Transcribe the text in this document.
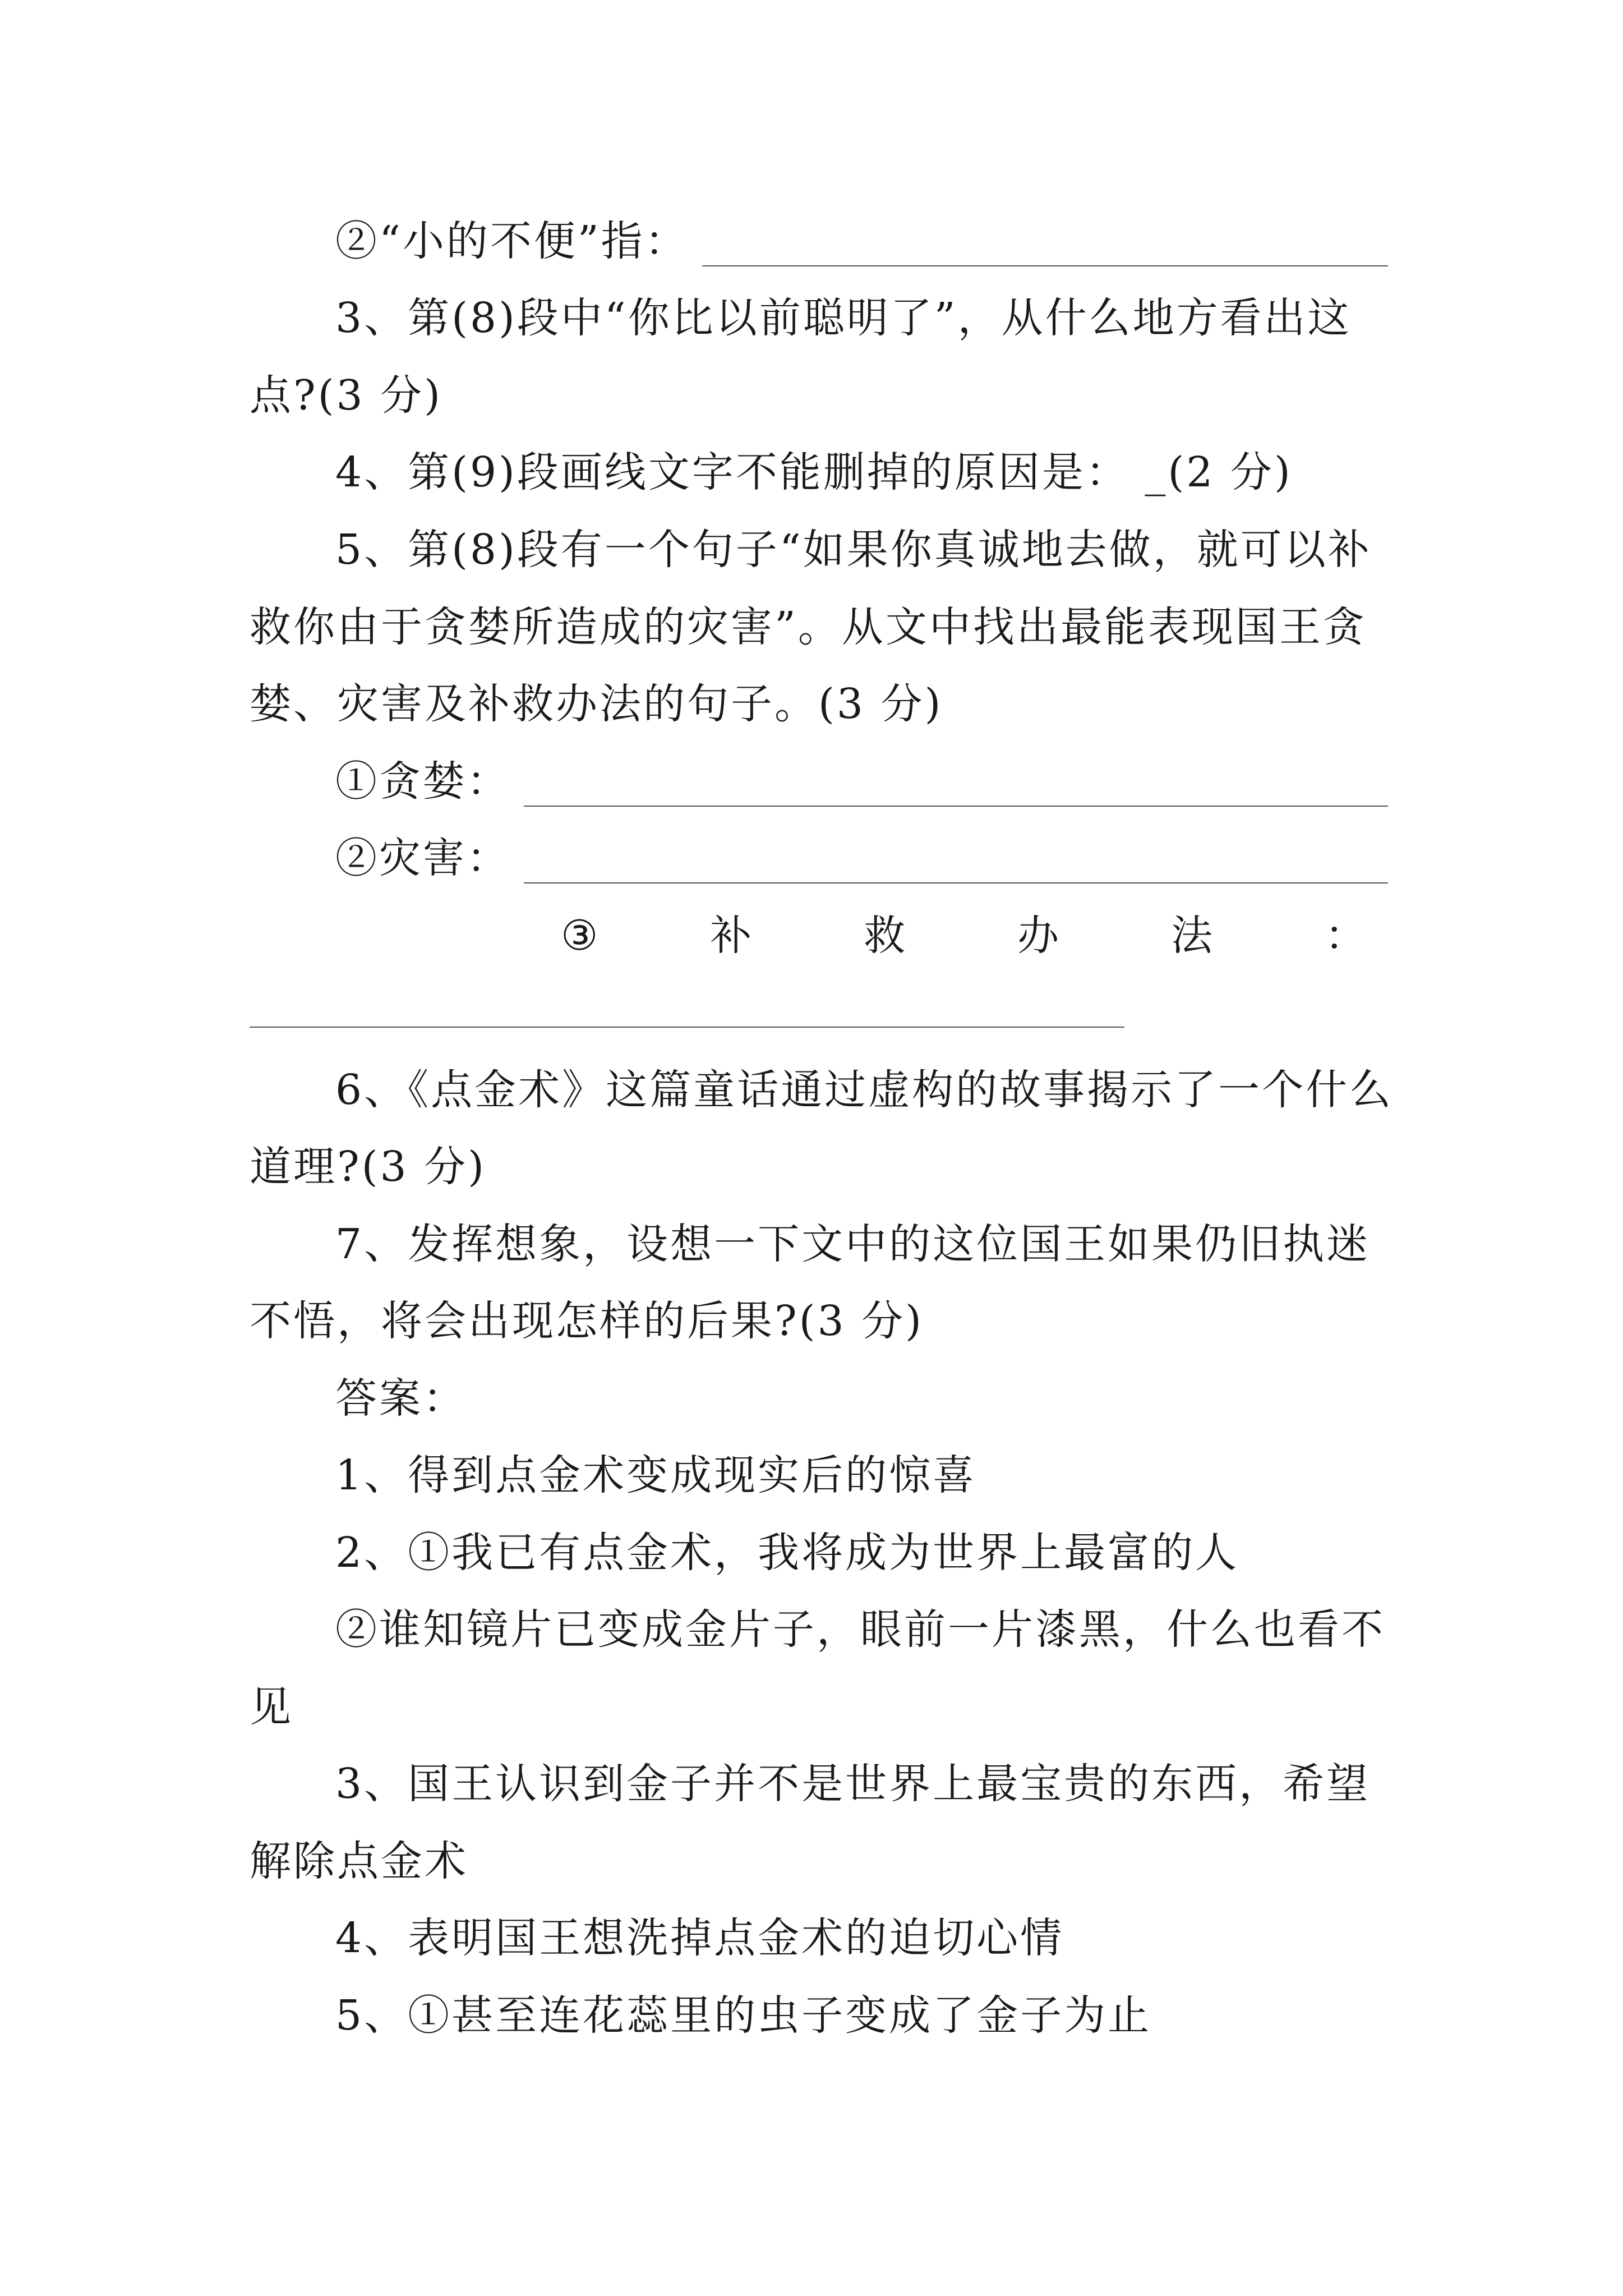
②“小的不便”指：
3、第(8)段中“你比以前聪明了”，从什么地方看出这
点?(3 分)
4、第(9)段画线文字不能删掉的原因是： _(2 分)
5、第(8)段有一个句子“如果你真诚地去做，就可以补
救你由于贪婪所造成的灾害”。从文中找出最能表现国王贪
婪、灾害及补救办法的句子。(3 分)
①贪婪：
②灾害：
③	补	救	办	法	：
6、《点金术》这篇童话通过虚构的故事揭示了一个什么
道理?(3 分)
7、发挥想象，设想一下文中的这位国王如果仍旧执迷
不悟，将会出现怎样的后果?(3 分)
答案：
1、得到点金术变成现实后的惊喜
2、①我已有点金术，我将成为世界上最富的人
②谁知镜片已变成金片子，眼前一片漆黑，什么也看不
见
3、国王认识到金子并不是世界上最宝贵的东西，希望
解除点金术
4、表明国王想洗掉点金术的迫切心情
5、①甚至连花蕊里的虫子变成了金子为止
